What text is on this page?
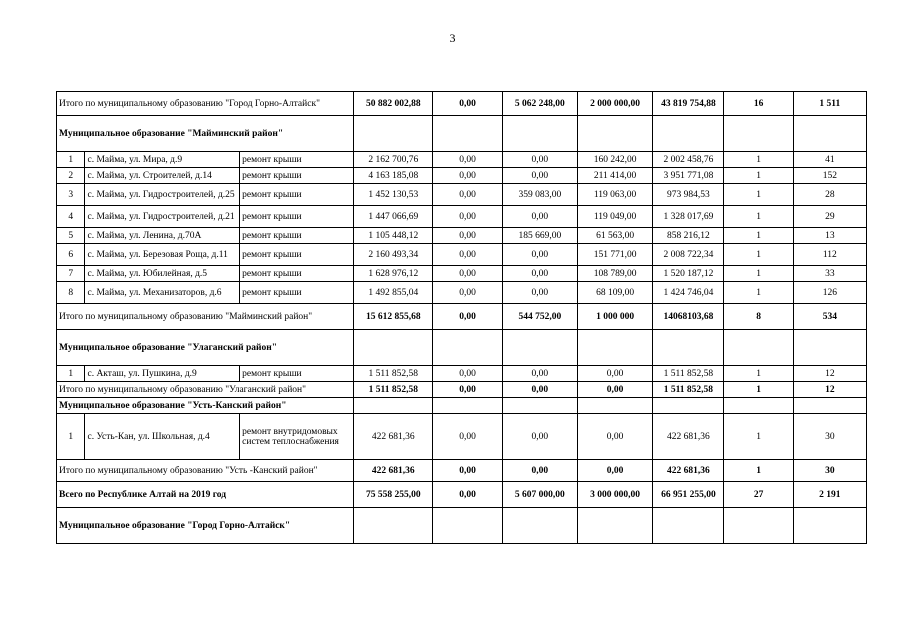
3
Итого по муниципальному образованию "Город Горно-Алтайск"			50 882 002,88	0,00	5 062 248,00	2 000 000,00	43 819 754,88	16	1 511
Муниципальное образование "Майминский район"									
1	с. Майма, ул. Мира, д.9	ремонт крыши	2 162 700,76	0,00	0,00	160 242,00	2 002 458,76	1	41
2	с. Майма, ул. Строителей, д.14	ремонт крыши	4 163 185,08	0,00	0,00	211 414,00	3 951 771,08	1	152
3	с. Майма, ул. Гидростроителей, д.25	ремонт крыши	1 452 130,53	0,00	359 083,00	119 063,00	973 984,53	1	28
4	с. Майма, ул. Гидростроителей, д.21	ремонт крыши	1 447 066,69	0,00	0,00	119 049,00	1 328 017,69	1	29
5	с. Майма, ул. Ленина, д.70А	ремонт крыши	1 105 448,12	0,00	185 669,00	61 563,00	858 216,12	1	13
6	с. Майма, ул. Березовая Роща, д.11	ремонт крыши	2 160 493,34	0,00	0,00	151 771,00	2 008 722,34	1	112
7	с. Майма, ул. Юбилейная, д.5	ремонт крыши	1 628 976,12	0,00	0,00	108 789,00	1 520 187,12	1	33
8	с. Майма, ул. Механизаторов, д.6	ремонт крыши	1 492 855,04	0,00	0,00	68 109,00	1 424 746,04	1	126
Итого по муниципальному образованию "Майминский район"			15 612 855,68	0,00	544 752,00	1 000 000	14068103,68	8	534
Муниципальное образование "Улаганский район"									
1	с. Акташ, ул. Пушкина, д.9	ремонт крыши	1 511 852,58	0,00	0,00	0,00	1 511 852,58	1	12
Итого по муниципальному образованию "Улаганский район"			1 511 852,58	0,00	0,00	0,00	1 511 852,58	1	12
Муниципальное образование "Усть-Канский район"									
1	с. Усть-Кан, ул. Школьная, д.4	ремонт внутридомовых систем теплоснабжения	422 681,36	0,00	0,00	0,00	422 681,36	1	30
Итого по муниципальному образованию "Усть -Канский район"			422 681,36	0,00	0,00	0,00	422 681,36	1	30
Всего по Республике Алтай на 2019 год			75 558 255,00	0,00	5 607 000,00	3 000 000,00	66 951 255,00	27	2 191
Муниципальное образование "Город Горно-Алтайск"									
